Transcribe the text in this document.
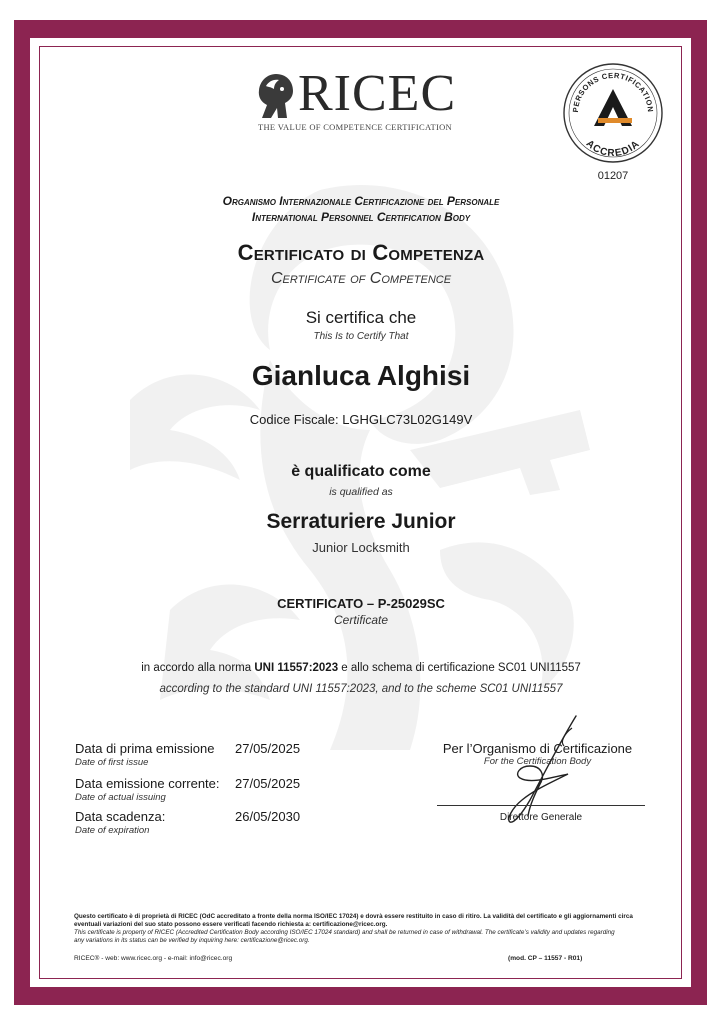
RICEC
THE VALUE OF COMPETENCE CERTIFICATION
PERSONS CERTIFICATION
ACCREDIA
01207
Organismo Internazionale Certificazione del Personale
International Personnel Certification Body
Certificato di Competenza
Certificate of Competence
Si certifica che
This Is to Certify That
Gianluca Alghisi
Codice Fiscale: LGHGLC73L02G149V
è qualificato come
is qualified as
Serraturiere Junior
Junior Locksmith
CERTIFICATO – P-25029SC
Certificate
in accordo alla norma UNI 11557:2023 e allo schema di certificazione SC01 UNI11557
according to the standard UNI 11557:2023, and to the scheme SC01 UNI11557
Data di prima emissione 27/05/2025
Date of first issue
Data emissione corrente: 27/05/2025
Date of actual issuing
Data scadenza:	26/05/2030
Date of expiration
Per l’Organismo di Certificazione
For the Certification Body
Direttore Generale
Questo certificato è di proprietà di RICEC (OdC accreditato a fronte della norma ISO/IEC 17024) e dovrà essere restituito in caso di ritiro. La validità del certificato e gli aggiornamenti circa
eventuali variazioni del suo stato possono essere verificati facendo richiesta a: certificazione@ricec.org.
This certificate is property of RICEC (Accredited Certification Body according ISO/IEC 17024 standard) and shall be returned in case of withdrawal. The certificate’s validity and updates regarding
any variations in its status can be verified by inquiring here: certificazione@ricec.org.
RICEC® - web: www.ricec.org - e-mail: info@ricec.org	(mod. CP – 11557 - R01)
